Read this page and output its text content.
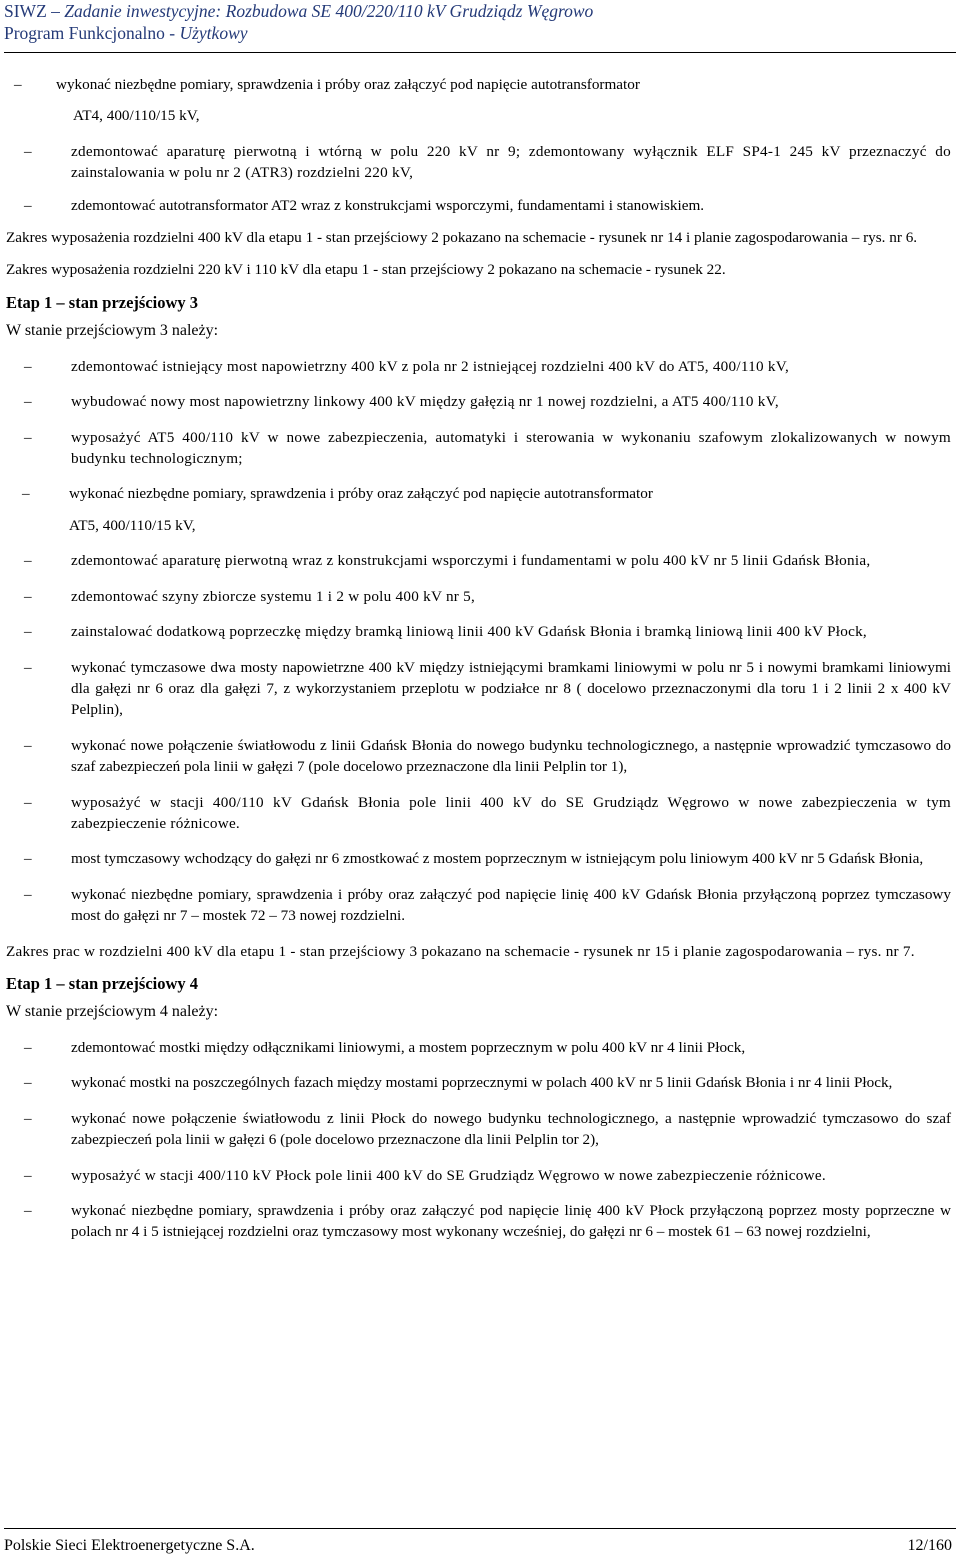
SIWZ – Zadanie inwestycyjne: Rozbudowa SE 400/220/110 kV Grudziądz Węgrowo
Program Funkcjonalno - Użytkowy
– wykonać niezbędne pomiary, sprawdzenia i próby oraz załączyć pod napięcie autotransformator
AT4, 400/110/15 kV,
–	zdemontować aparaturę pierwotną i wtórną w polu 220 kV nr 9; zdemontowany wyłącznik ELF SP4-1 245 kV przeznaczyć do zainstalowania w polu nr 2 (ATR3) rozdzielni 220 kV,
–	zdemontować autotransformator AT2 wraz z konstrukcjami wsporczymi, fundamentami i stanowiskiem.
Zakres wyposażenia rozdzielni 400 kV dla etapu 1 - stan przejściowy 2 pokazano na schemacie - rysunek nr 14 i planie zagospodarowania – rys. nr 6.
Zakres wyposażenia rozdzielni 220 kV i 110 kV dla etapu 1 - stan przejściowy 2 pokazano na schemacie - rysunek 22.
Etap 1 – stan przejściowy 3
W stanie przejściowym 3 należy:
–	zdemontować istniejący most napowietrzny 400 kV z pola nr 2 istniejącej rozdzielni 400 kV do AT5, 400/110 kV,
–	wybudować nowy most napowietrzny linkowy 400 kV między gałęzią nr 1 nowej rozdzielni, a AT5 400/110 kV,
–	wyposażyć AT5 400/110 kV w nowe zabezpieczenia, automatyki i sterowania w wykonaniu szafowym zlokalizowanych w nowym budynku technologicznym;
–	wykonać niezbędne pomiary, sprawdzenia i próby oraz załączyć pod napięcie autotransformator
AT5, 400/110/15 kV,
–	zdemontować aparaturę pierwotną wraz z konstrukcjami wsporczymi i fundamentami w polu 400 kV nr 5 linii Gdańsk Błonia,
–	zdemontować szyny zbiorcze systemu 1 i 2 w polu 400 kV nr 5,
–	zainstalować dodatkową poprzeczkę między bramką liniową linii 400 kV Gdańsk Błonia i bramką liniową linii 400 kV Płock,
–	wykonać tymczasowe dwa mosty napowietrzne 400 kV między istniejącymi bramkami liniowymi w polu nr 5 i nowymi bramkami liniowymi dla gałęzi nr 6 oraz dla gałęzi 7, z wykorzystaniem przeplotu w podziałce nr 8 ( docelowo przeznaczonymi dla toru 1 i 2 linii 2 x 400 kV Pelplin),
–	wykonać nowe połączenie światłowodu z linii Gdańsk Błonia do nowego budynku technologicznego, a następnie wprowadzić tymczasowo do szaf zabezpieczeń pola linii w gałęzi 7 (pole docelowo przeznaczone dla linii Pelplin tor 1),
–	wyposażyć w stacji 400/110 kV Gdańsk Błonia pole linii 400 kV do SE Grudziądz Węgrowo w nowe zabezpieczenia w tym zabezpieczenie różnicowe.
–	most tymczasowy wchodzący do gałęzi nr 6 zmostkować z mostem poprzecznym w istniejącym polu liniowym 400 kV nr 5 Gdańsk Błonia,
–	wykonać niezbędne pomiary, sprawdzenia i próby oraz załączyć pod napięcie linię 400 kV Gdańsk Błonia przyłączoną poprzez tymczasowy most do gałęzi nr 7 – mostek 72 – 73 nowej rozdzielni.
Zakres prac w rozdzielni 400 kV dla etapu 1 - stan przejściowy 3 pokazano na schemacie - rysunek nr 15 i planie zagospodarowania – rys. nr 7.
Etap 1 – stan przejściowy 4
W stanie przejściowym 4 należy:
–	zdemontować mostki między odłącznikami liniowymi, a mostem poprzecznym w polu 400 kV nr 4 linii Płock,
–	wykonać mostki na poszczególnych fazach między mostami poprzecznymi w polach 400 kV nr 5 linii Gdańsk Błonia i nr 4 linii Płock,
–	wykonać nowe połączenie światłowodu z linii Płock do nowego budynku technologicznego, a następnie wprowadzić tymczasowo do szaf zabezpieczeń pola linii w gałęzi 6 (pole docelowo przeznaczone dla linii Pelplin tor 2),
–	wyposażyć w stacji 400/110 kV Płock pole linii 400 kV do SE Grudziądz Węgrowo w nowe zabezpieczenie różnicowe.
–	wykonać niezbędne pomiary, sprawdzenia i próby oraz załączyć pod napięcie linię 400 kV Płock przyłączoną poprzez mosty poprzeczne w polach nr 4 i 5 istniejącej rozdzielni oraz tymczasowy most wykonany wcześniej, do gałęzi nr 6 – mostek 61 – 63 nowej rozdzielni,
Polskie Sieci Elektroenergetyczne S.A.	12/160
